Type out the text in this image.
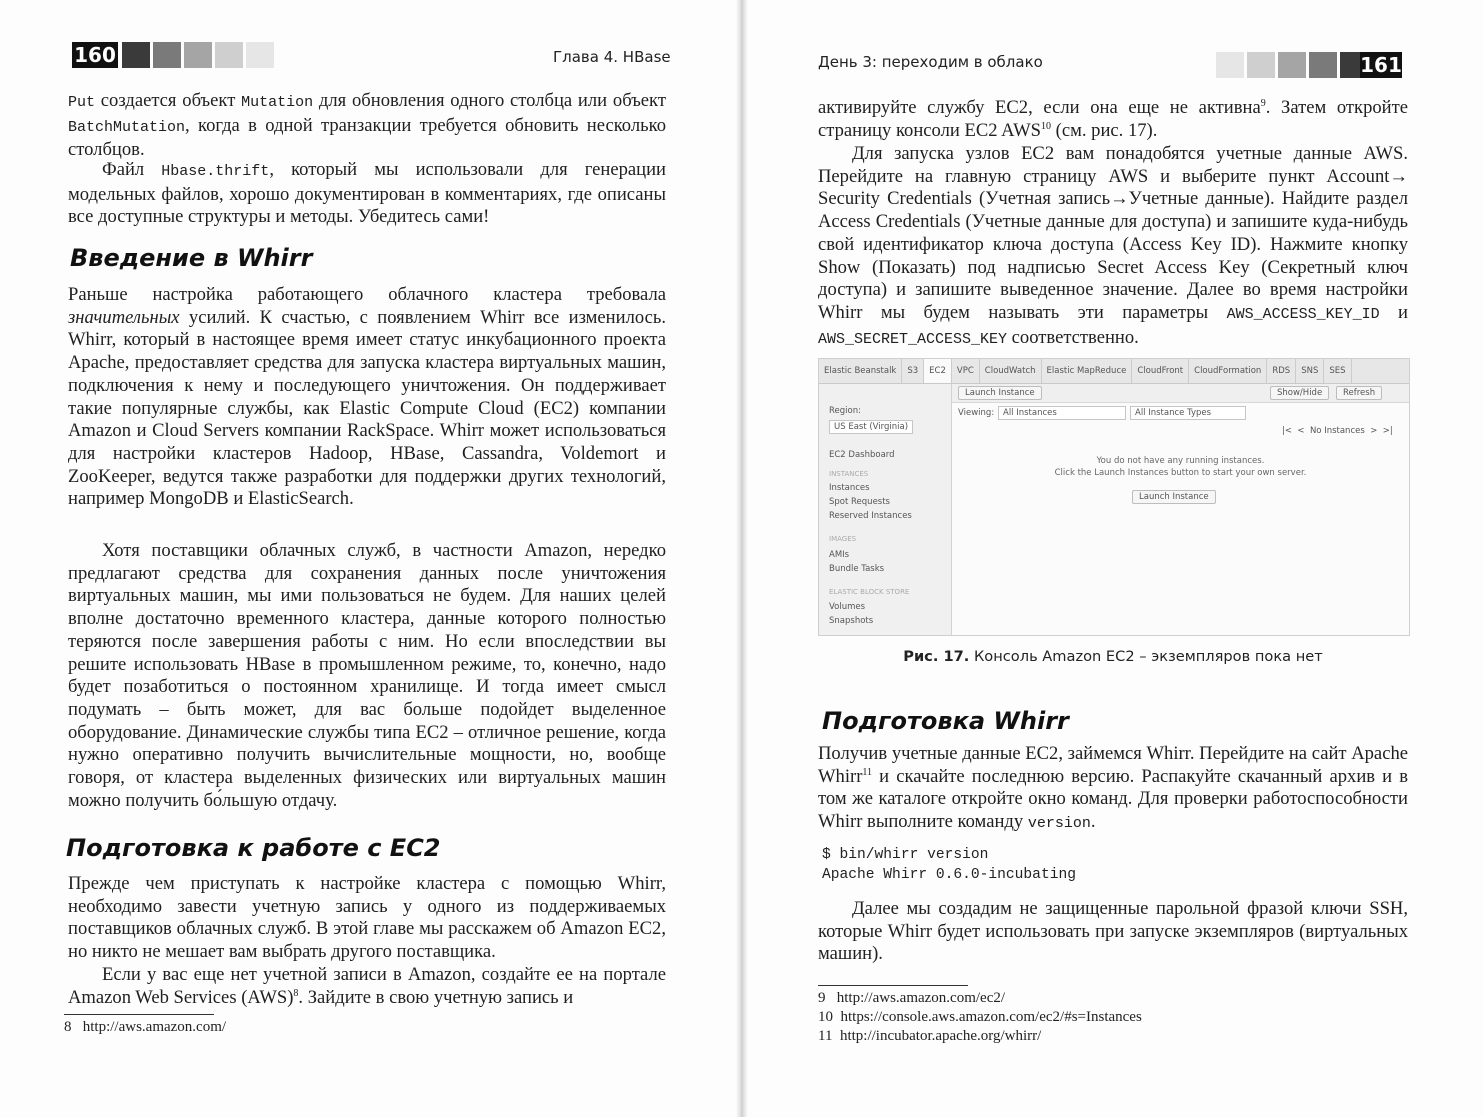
160	Глава 4. HBase

Put создается объект Mutation для обновления одного столбца или объект BatchMutation, когда в одной транзакции требуется обновить несколько столбцов.

Файл Hbase.thrift, который мы использовали для генерации модельных файлов, хорошо документирован в комментариях, где описаны все доступные структуры и методы. Убедитесь сами!

Введение в Whirr

Раньше настройка работающего облачного кластера требовала значительных усилий. К счастью, с появлением Whirr все изменилось. Whirr, который в настоящее время имеет статус инкубационного проекта Apache, предоставляет средства для запуска кластера виртуальных машин, подключения к нему и последующего уничтожения. Он поддерживает такие популярные службы, как Elastic Compute Cloud (EC2) компании Amazon и Cloud Servers компании RackSpace. Whirr может использоваться для настройки кластеров Hadoop, HBase, Cassandra, Voldemort и ZooKeeper, ведутся также разработки для поддержки других технологий, например MongoDB и ElasticSearch.

Хотя поставщики облачных служб, в частности Amazon, нередко предлагают средства для сохранения данных после уничтожения виртуальных машин, мы ими пользоваться не будем. Для наших целей вполне достаточно временного кластера, данные которого полностью теряются после завершения работы с ним. Но если впоследствии вы решите использовать HBase в промышленном режиме, то, конечно, надо будет позаботиться о постоянном хранилище. И тогда имеет смысл подумать – быть может, для вас больше подойдет выделенное оборудование. Динамические службы типа EC2 – отличное решение, когда нужно оперативно получить вычислительные мощности, но, вообще говоря, от кластера выделенных физических или виртуальных машин можно получить бо́льшую отдачу.

Подготовка к работе с EC2

Прежде чем приступать к настройке кластера с помощью Whirr, необходимо завести учетную запись у одного из поддерживаемых поставщиков облачных служб. В этой главе мы расскажем об Amazon EC2, но никто не мешает вам выбрать другого поставщика.

Если у вас еще нет учетной записи в Amazon, создайте ее на портале Amazon Web Services (AWS)$^8$. Зайдите в свою учетную запись и

8 http://aws.amazon.com/
День 3: переходим в облако	161

активируйте службу EC2, если она еще не активна$^9$. Затем откройте страницу консоли EC2 AWS$^{10}$ (см. рис. 17).

Для запуска узлов EC2 вам понадобятся учетные данные AWS. Перейдите на главную страницу AWS и выберите пункт Account→ Security Credentials (Учетная запись→Учетные данные). Найдите раздел Access Credentials (Учетные данные для доступа) и запишите куда-нибудь свой идентификатор ключа доступа (Access Key ID). Нажмите кнопку Show (Показать) под надписью Secret Access Key (Секретный ключ доступа) и запишите выведенное значение. Далее во время настройки Whirr мы будем называть эти параметры AWS_ACCESS_KEY_ID и AWS_SECRET_ACCESS_KEY соответственно.

Elastic Beanstalk	S3	EC2	VPC	CloudWatch	Elastic MapReduce	CloudFront	CloudFormation	RDS	SNS	SES
Region:
US East (Virginia)
EC2 Dashboard
INSTANCES
Instances
Spot Requests
Reserved Instances
IMAGES
AMIs
Bundle Tasks
ELASTIC BLOCK STORE
Volumes
Snapshots
Launch Instance	Show/Hide	Refresh
Viewing:	All Instances	All Instance Types
|< < No Instances > >|
You do not have any running instances.
Click the Launch Instances button to start your own server.
Launch Instance
Рис. 17. Консоль Amazon EC2 – экземпляров пока нет
Подготовка Whirr

Получив учетные данные EC2, займемся Whirr. Перейдите на сайт Apache Whirr$^{11}$ и скачайте последнюю версию. Распакуйте скачанный архив и в том же каталоге откройте окно команд. Для проверки работоспособности Whirr выполните команду version.

$ bin/whirr version
Apache Whirr 0.6.0-incubating

Далее мы создадим не защищенные парольной фразой ключи SSH, которые Whirr будет использовать при запуске экземпляров (виртуальных машин).

9 http://aws.amazon.com/ec2/
10 https://console.aws.amazon.com/ec2/#s=Instances
11 http://incubator.apache.org/whirr/
